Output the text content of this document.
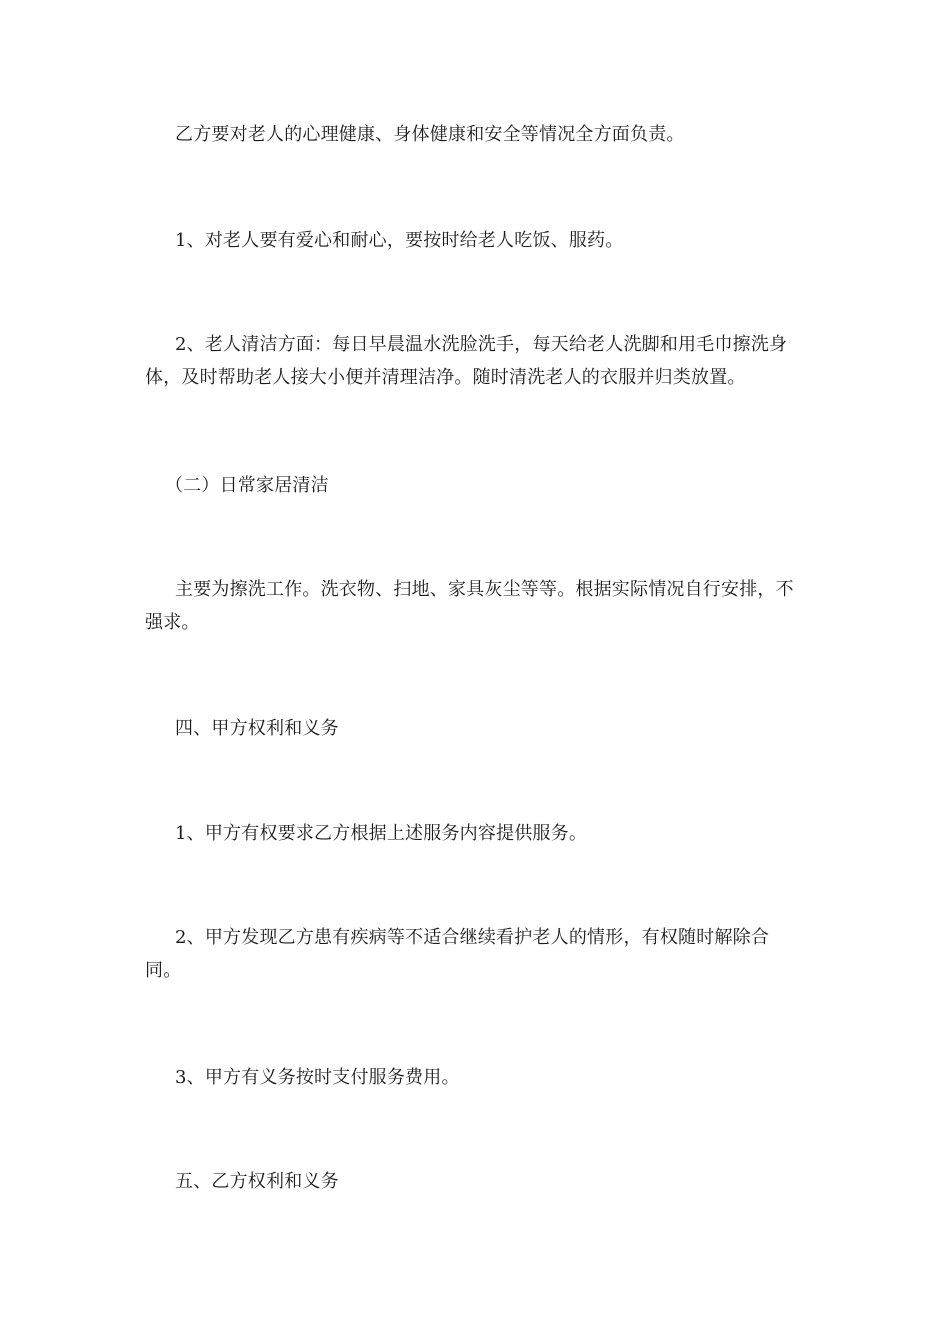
乙方要对老人的心理健康、身体健康和安全等情况全方面负责。

1、对老人要有爱心和耐心，要按时给老人吃饭、服药。

2、老人清洁方面：每日早晨温水洗脸洗手，每天给老人洗脚和用毛巾擦洗身体，及时帮助老人接大小便并清理洁净。随时清洗老人的衣服并归类放置。

（二）日常家居清洁

主要为擦洗工作。洗衣物、扫地、家具灰尘等等。根据实际情况自行安排，不强求。

四、甲方权利和义务

1、甲方有权要求乙方根据上述服务内容提供服务。

2、甲方发现乙方患有疾病等不适合继续看护老人的情形，有权随时解除合同。

3、甲方有义务按时支付服务费用。

五、乙方权利和义务
